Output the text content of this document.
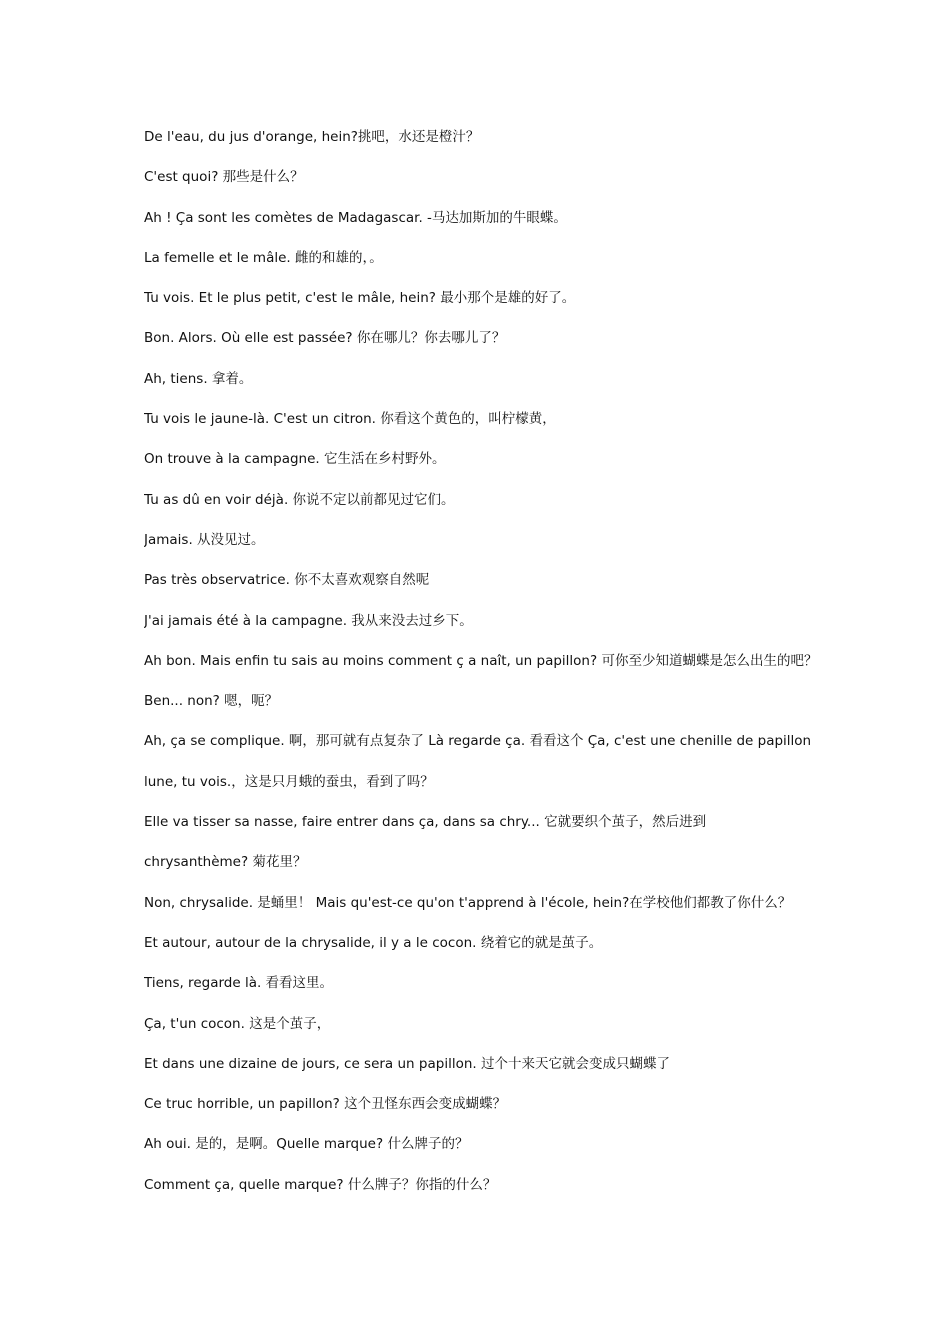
De l'eau, du jus d'orange, hein?挑吧，水还是橙汁？
C'est quoi? 那些是什么？
Ah ! Ça sont les comètes de Madagascar. -马达加斯加的牛眼蝶。
La femelle et le mâle. 雌的和雄的，。
Tu vois. Et le plus petit, c'est le mâle, hein? 最小那个是雄的好了。
Bon. Alors. Où elle est passée? 你在哪儿？你去哪儿了？
Ah, tiens. 拿着。
Tu vois le jaune-là. C'est un citron. 你看这个黄色的，叫柠檬黄，
On trouve à la campagne. 它生活在乡村野外。
Tu as dû en voir déjà. 你说不定以前都见过它们。
Jamais. 从没见过。
Pas très observatrice. 你不太喜欢观察自然呢
J'ai jamais été à la campagne. 我从来没去过乡下。
Ah bon. Mais enfin tu sais au moins comment ç a naît, un papillon? 可你至少知道蝴蝶是怎么出生的吧？
Ben... non? 嗯，呃？
Ah, ça se complique. 啊，那可就有点复杂了 Là regarde ça. 看看这个 Ça, c'est une chenille de papillon
lune, tu vois.，这是只月蛾的蚕虫，看到了吗？
Elle va tisser sa nasse, faire entrer dans ça, dans sa chry... 它就要织个茧子，然后进到
chrysanthème? 菊花里？
Non, chrysalide. 是蛹里！ Mais qu'est-ce qu'on t'apprend à l'école, hein?在学校他们都教了你什么？
Et autour, autour de la chrysalide, il y a le cocon. 绕着它的就是茧子。
Tiens, regarde là. 看看这里。
Ça, t'un cocon. 这是个茧子，
Et dans une dizaine de jours, ce sera un papillon. 过个十来天它就会变成只蝴蝶了
Ce truc horrible, un papillon? 这个丑怪东西会变成蝴蝶？
Ah oui. 是的，是啊。Quelle marque? 什么牌子的？
Comment ça, quelle marque? 什么牌子？你指的什么？
